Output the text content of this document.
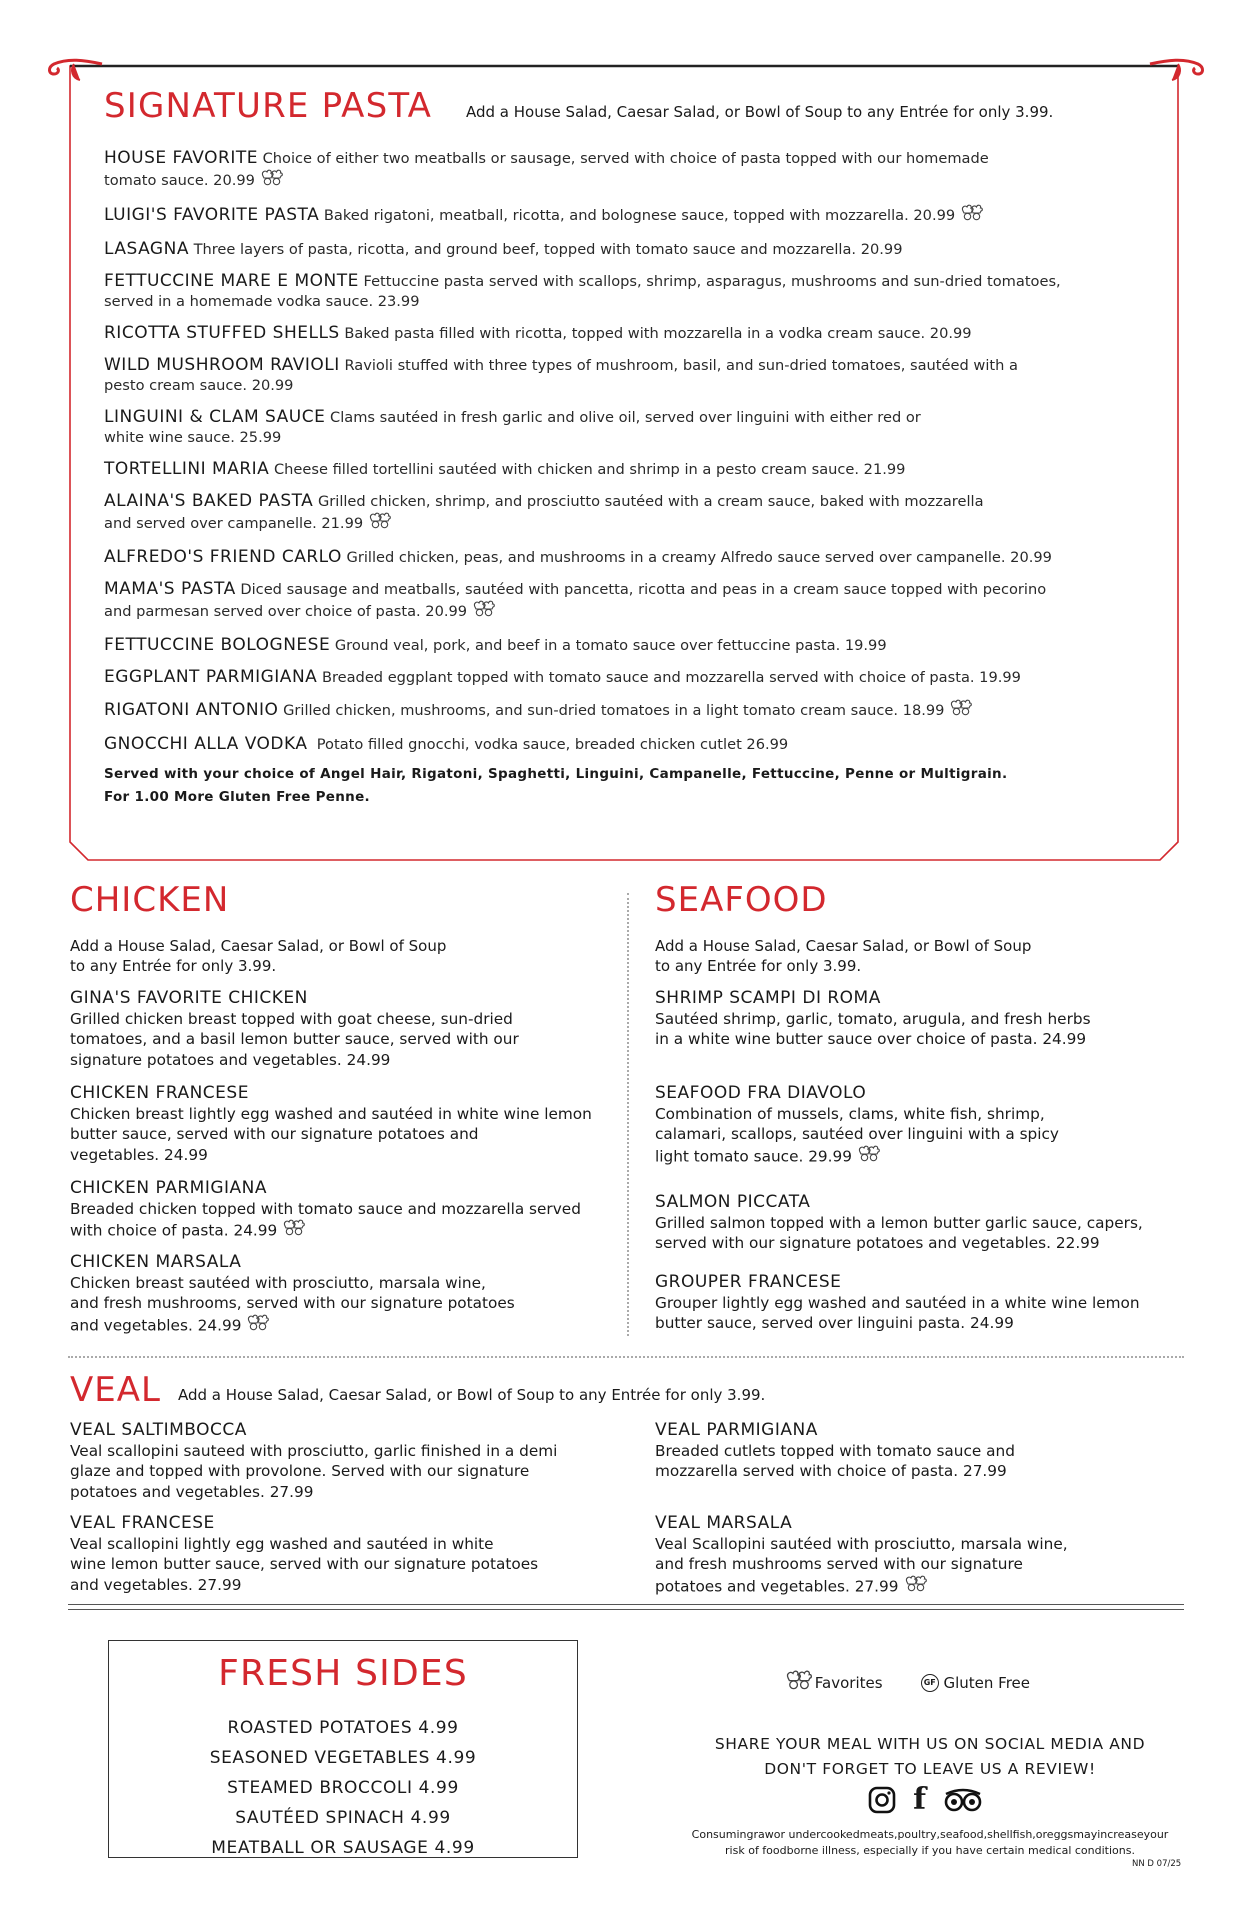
SIGNATURE PASTA Add a House Salad, Caesar Salad, or Bowl of Soup to any Entrée for only 3.99.
HOUSE FAVORITE Choice of either two meatballs or sausage, served with choice of pasta topped with our homemade
tomato sauce. 20.99
LUIGI'S FAVORITE PASTA Baked rigatoni, meatball, ricotta, and bolognese sauce, topped with mozzarella. 20.99
LASAGNA Three layers of pasta, ricotta, and ground beef, topped with tomato sauce and mozzarella. 20.99
FETTUCCINE MARE E MONTE Fettuccine pasta served with scallops, shrimp, asparagus, mushrooms and sun-dried tomatoes,
served in a homemade vodka sauce. 23.99
RICOTTA STUFFED SHELLS Baked pasta filled with ricotta, topped with mozzarella in a vodka cream sauce. 20.99
WILD MUSHROOM RAVIOLI Ravioli stuffed with three types of mushroom, basil, and sun-dried tomatoes, sautéed with a
pesto cream sauce. 20.99
LINGUINI & CLAM SAUCE Clams sautéed in fresh garlic and olive oil, served over linguini with either red or
white wine sauce. 25.99
TORTELLINI MARIA Cheese filled tortellini sautéed with chicken and shrimp in a pesto cream sauce. 21.99
ALAINA'S BAKED PASTA Grilled chicken, shrimp, and prosciutto sautéed with a cream sauce, baked with mozzarella
and served over campanelle. 21.99
ALFREDO'S FRIEND CARLO Grilled chicken, peas, and mushrooms in a creamy Alfredo sauce served over campanelle. 20.99
MAMA'S PASTA Diced sausage and meatballs, sautéed with pancetta, ricotta and peas in a cream sauce topped with pecorino
and parmesan served over choice of pasta. 20.99
FETTUCCINE BOLOGNESE Ground veal, pork, and beef in a tomato sauce over fettuccine pasta. 19.99
EGGPLANT PARMIGIANA Breaded eggplant topped with tomato sauce and mozzarella served with choice of pasta. 19.99
RIGATONI ANTONIO Grilled chicken, mushrooms, and sun-dried tomatoes in a light tomato cream sauce. 18.99
GNOCCHI ALLA VODKA Potato filled gnocchi, vodka sauce, breaded chicken cutlet 26.99
Served with your choice of Angel Hair, Rigatoni, Spaghetti, Linguini, Campanelle, Fettuccine, Penne or Multigrain.
For 1.00 More Gluten Free Penne.
CHICKEN
Add a House Salad, Caesar Salad, or Bowl of Soup
to any Entrée for only 3.99.
GINA'S FAVORITE CHICKEN
Grilled chicken breast topped with goat cheese, sun-dried
tomatoes, and a basil lemon butter sauce, served with our
signature potatoes and vegetables. 24.99

CHICKEN FRANCESE
Chicken breast lightly egg washed and sautéed in white wine lemon
butter sauce, served with our signature potatoes and
vegetables. 24.99

CHICKEN PARMIGIANA
Breaded chicken topped with tomato sauce and mozzarella served
with choice of pasta. 24.99

CHICKEN MARSALA
Chicken breast sautéed with prosciutto, marsala wine,
and fresh mushrooms, served with our signature potatoes
and vegetables. 24.99

SEAFOOD
Add a House Salad, Caesar Salad, or Bowl of Soup
to any Entrée for only 3.99.
SHRIMP SCAMPI DI ROMA
Sautéed shrimp, garlic, tomato, arugula, and fresh herbs
in a white wine butter sauce over choice of pasta. 24.99

SEAFOOD FRA DIAVOLO
Combination of mussels, clams, white fish, shrimp,
calamari, scallops, sautéed over linguini with a spicy
light tomato sauce. 29.99

SALMON PICCATA
Grilled salmon topped with a lemon butter garlic sauce, capers,
served with our signature potatoes and vegetables. 22.99

GROUPER FRANCESE
Grouper lightly egg washed and sautéed in a white wine lemon
butter sauce, served over linguini pasta. 24.99

VEAL Add a House Salad, Caesar Salad, or Bowl of Soup to any Entrée for only 3.99.
VEAL SALTIMBOCCA
Veal scallopini sauteed with prosciutto, garlic finished in a demi
glaze and topped with provolone. Served with our signature
potatoes and vegetables. 27.99

VEAL FRANCESE
Veal scallopini lightly egg washed and sautéed in white
wine lemon butter sauce, served with our signature potatoes
and vegetables. 27.99

VEAL PARMIGIANA
Breaded cutlets topped with tomato sauce and
mozzarella served with choice of pasta. 27.99

VEAL MARSALA
Veal Scallopini sautéed with prosciutto, marsala wine,
and fresh mushrooms served with our signature
potatoes and vegetables. 27.99

FRESH SIDES
ROASTED POTATOES 4.99
SEASONED VEGETABLES 4.99
STEAMED BROCCOLI 4.99
SAUTÉED SPINACH 4.99
MEATBALL OR SAUSAGE 4.99
Favorites	GF Gluten Free
SHARE YOUR MEAL WITH US ON SOCIAL MEDIA AND
DON'T FORGET TO LEAVE US A REVIEW!
f
Consumingrawor undercookedmeats,poultry,seafood,shellfish,oreggsmayincreaseyour
risk of foodborne illness, especially if you have certain medical conditions.
NN D 07/25
